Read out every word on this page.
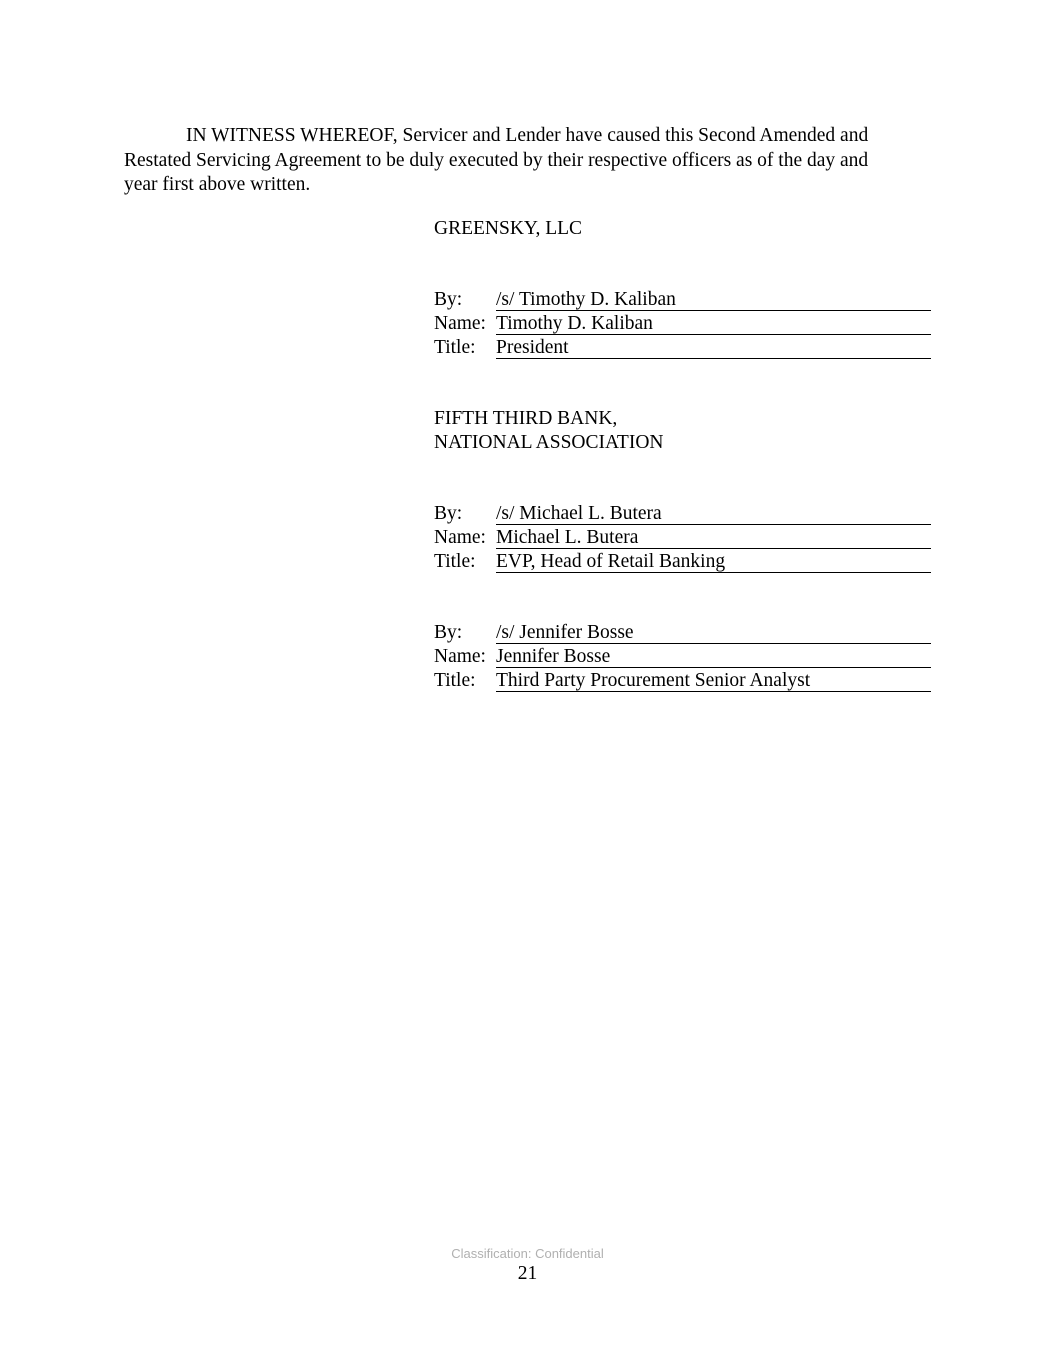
IN WITNESS WHEREOF, Servicer and Lender have caused this Second Amended and
Restated Servicing Agreement to be duly executed by their respective officers as of the day and
year first above written.
GREENSKY, LLC
By: /s/ Timothy D. Kaliban
Name: Timothy D. Kaliban
Title: President
FIFTH THIRD BANK,
NATIONAL ASSOCIATION
By: /s/ Michael L. Butera
Name: Michael L. Butera
Title: EVP, Head of Retail Banking
By: /s/ Jennifer Bosse
Name: Jennifer Bosse
Title: Third Party Procurement Senior Analyst
Classification: Confidential
21
